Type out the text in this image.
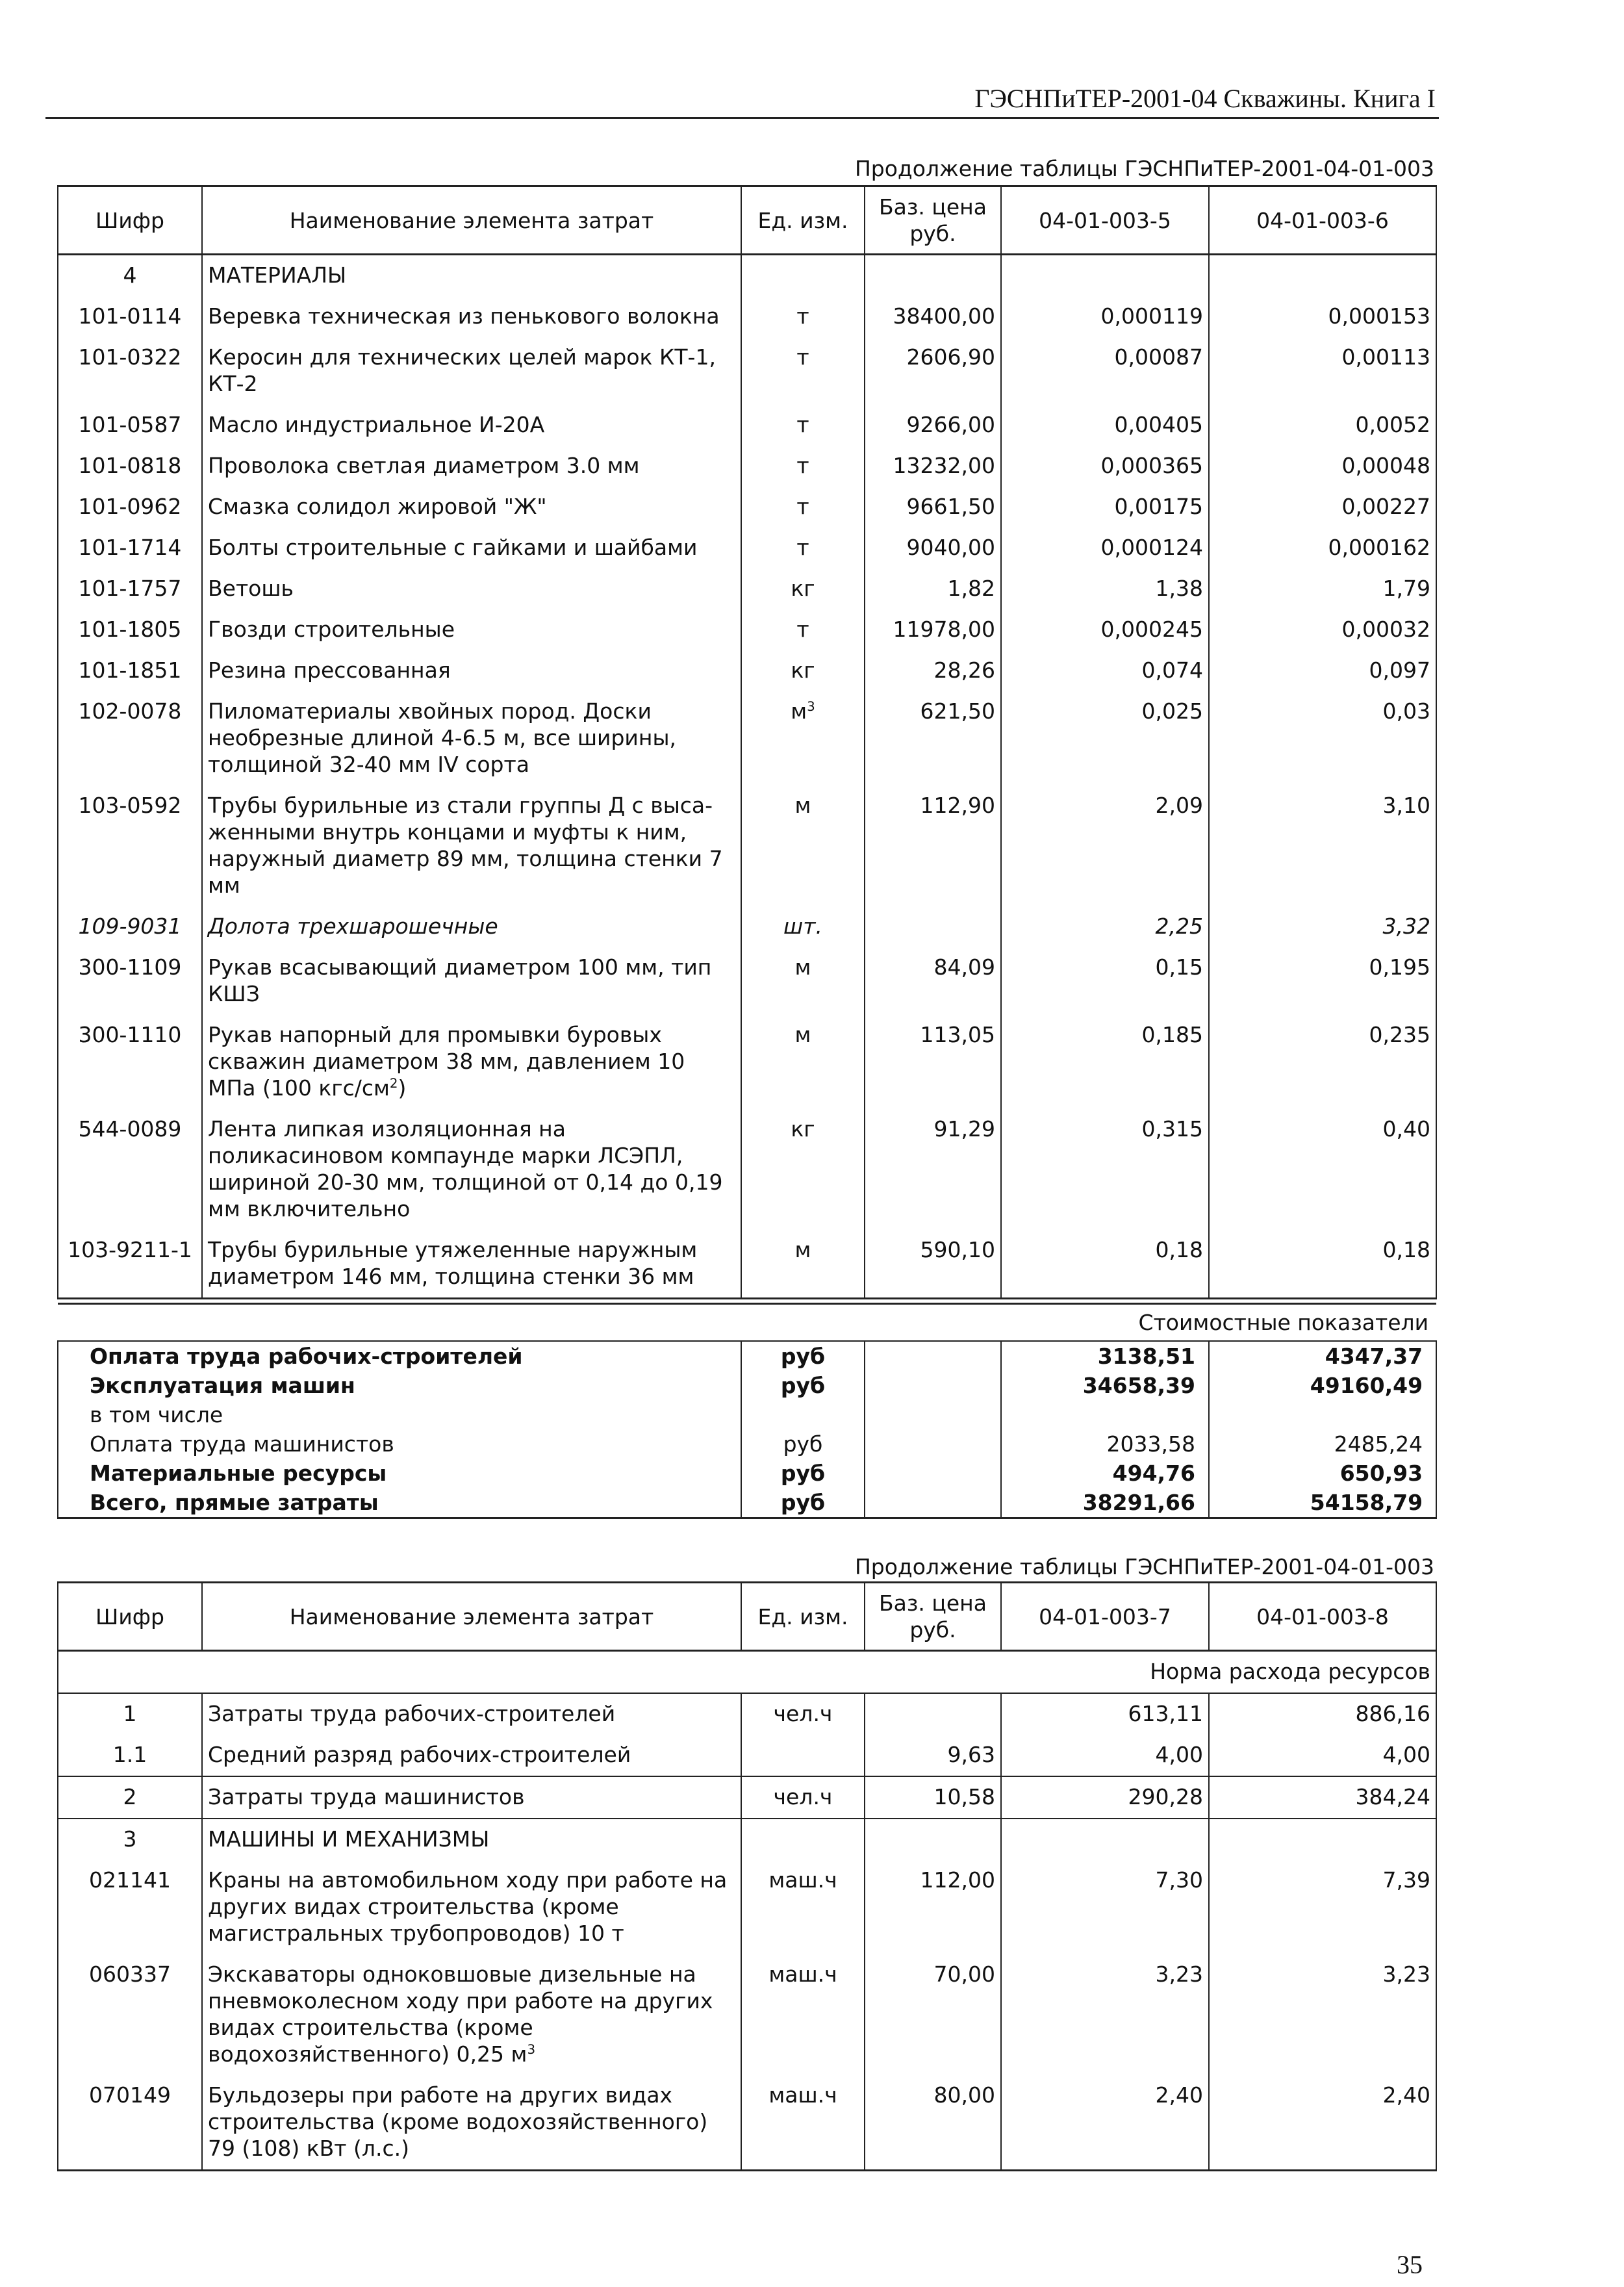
ГЭСНПиТЕР-2001-04 Скважины. Книга I
Продолжение таблицы ГЭСНПиТЕР-2001-04-01-003
Шифр	Наименование элемента затрат	Ед. изм.	Баз. цена руб.	04-01-003-5	04-01-003-6
4	МАТЕРИАЛЫ				
101-0114	Веревка техническая из пенькового волокна	т	38400,00	0,000119	0,000153
101-0322	Керосин для технических целей марок КТ-1, КТ-2	т	2606,90	0,00087	0,00113
101-0587	Масло индустриальное И-20А	т	9266,00	0,00405	0,0052
101-0818	Проволока светлая диаметром 3.0 мм	т	13232,00	0,000365	0,00048
101-0962	Смазка солидол жировой "Ж"	т	9661,50	0,00175	0,00227
101-1714	Болты строительные с гайками и шайбами	т	9040,00	0,000124	0,000162
101-1757	Ветошь	кг	1,82	1,38	1,79
101-1805	Гвозди строительные	т	11978,00	0,000245	0,00032
101-1851	Резина прессованная	кг	28,26	0,074	0,097
102-0078	Пиломатериалы хвойных пород. Доски необрезные длиной 4-6.5 м, все ширины, толщиной 32-40 мм IV сорта	$м^3$	621,50	0,025	0,03
103-0592	Трубы бурильные из стали группы Д с выса-женными внутрь концами и муфты к ним, наружный диаметр 89 мм, толщина стенки 7 мм	м	112,90	2,09	3,10
109-9031	Долота трехшарошечные	шт.		2,25	3,32
300-1109	Рукав всасывающий диаметром 100 мм, тип КШЗ	м	84,09	0,15	0,195
300-1110	Рукав напорный для промывки буровых скважин диаметром 38 мм, давлением 10 МПа (100 кгс/$см^2$)	м	113,05	0,185	0,235
544-0089	Лента липкая изоляционная на поликасиновом компаунде марки ЛСЭПЛ, шириной 20-30 мм, толщиной от 0,14 до 0,19 мм включительно	кг	91,29	0,315	0,40
103-9211-1	Трубы бурильные утяжеленные наружным диаметром 146 мм, толщина стенки 36 мм	м	590,10	0,18	0,18
Стоимостные показатели				
Оплата труда рабочих-строителей	руб		3138,51	4347,37
Эксплуатация машин	руб		34658,39	49160,49
в том числе				
Оплата труда машинистов	руб		2033,58	2485,24
Материальные ресурсы	руб		494,76	650,93
Всего, прямые затраты	руб		38291,66	54158,79
Продолжение таблицы ГЭСНПиТЕР-2001-04-01-003
Шифр	Наименование элемента затрат	Ед. изм.	Баз. цена руб.	04-01-003-7	04-01-003-8
Норма расхода ресурсов					
1	Затраты труда рабочих-строителей	чел.ч		613,11	886,16
1.1	Средний разряд рабочих-строителей		9,63	4,00	4,00
2	Затраты труда машинистов	чел.ч	10,58	290,28	384,24
3	МАШИНЫ И МЕХАНИЗМЫ				
021141	Краны на автомобильном ходу при работе на других видах строительства (кроме магистральных трубопроводов) 10 т	маш.ч	112,00	7,30	7,39
060337	Экскаваторы одноковшовые дизельные на пневмоколесном ходу при работе на других видах строительства (кроме водохозяйственного) 0,25 $м^3$	маш.ч	70,00	3,23	3,23
070149	Бульдозеры при работе на других видах строительства (кроме водохозяйственного) 79 (108) кВт (л.с.)	маш.ч	80,00	2,40	2,40
35
